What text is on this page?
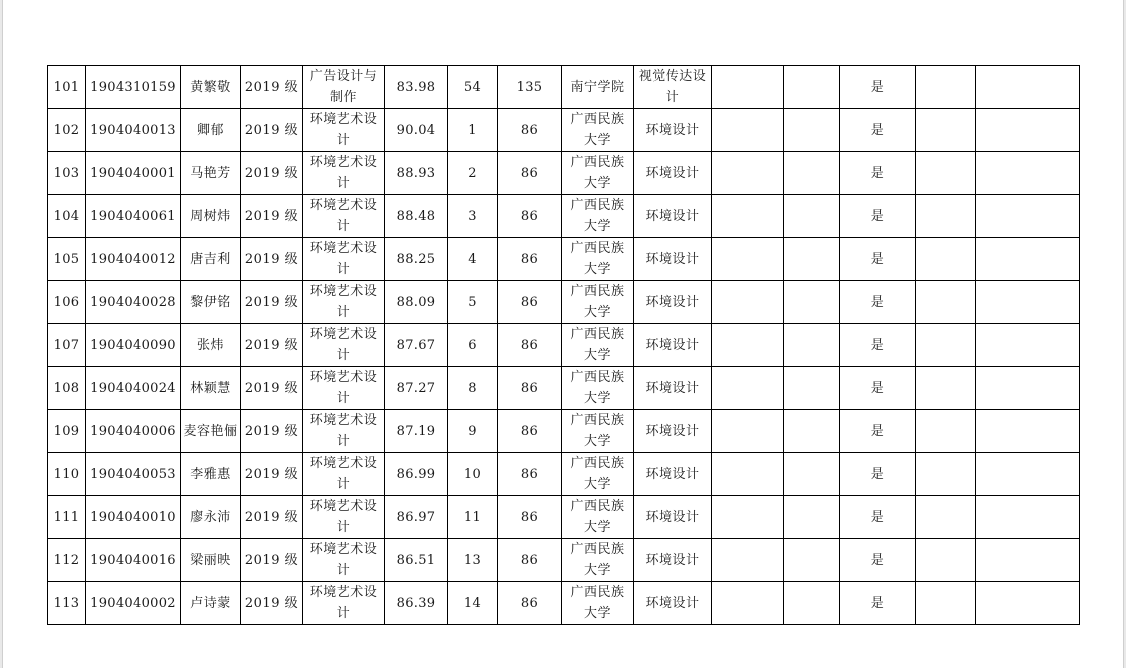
101	1904310159	黄繁敬	2019 级	广告设计与制作	83.98	54	135	南宁学院	视觉传达设计			是		
102	1904040013	卿郁	2019 级	环境艺术设计	90.04	1	86	广西民族大学	环境设计			是		
103	1904040001	马艳芳	2019 级	环境艺术设计	88.93	2	86	广西民族大学	环境设计			是		
104	1904040061	周树炜	2019 级	环境艺术设计	88.48	3	86	广西民族大学	环境设计			是		
105	1904040012	唐吉利	2019 级	环境艺术设计	88.25	4	86	广西民族大学	环境设计			是		
106	1904040028	黎伊铭	2019 级	环境艺术设计	88.09	5	86	广西民族大学	环境设计			是		
107	1904040090	张炜	2019 级	环境艺术设计	87.67	6	86	广西民族大学	环境设计			是		
108	1904040024	林颖慧	2019 级	环境艺术设计	87.27	8	86	广西民族大学	环境设计			是		
109	1904040006	麦容艳俪	2019 级	环境艺术设计	87.19	9	86	广西民族大学	环境设计			是		
110	1904040053	李雅惠	2019 级	环境艺术设计	86.99	10	86	广西民族大学	环境设计			是		
111	1904040010	廖永沛	2019 级	环境艺术设计	86.97	11	86	广西民族大学	环境设计			是		
112	1904040016	梁丽映	2019 级	环境艺术设计	86.51	13	86	广西民族大学	环境设计			是		
113	1904040002	卢诗蒙	2019 级	环境艺术设计	86.39	14	86	广西民族大学	环境设计			是		
